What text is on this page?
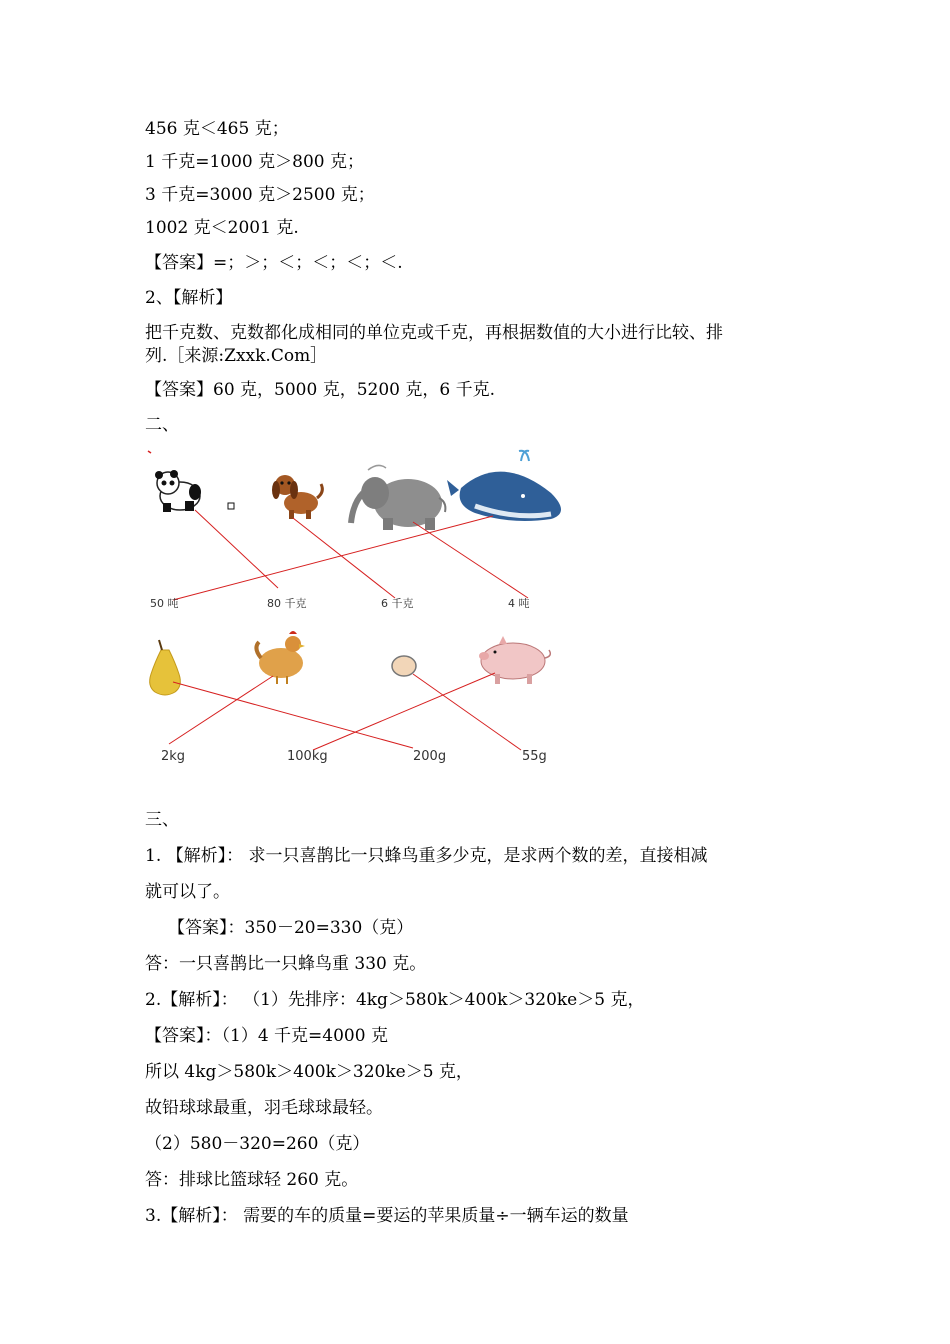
456 克＜465 克；
1 千克=1000 克＞800 克；
3 千克=3000 克＞2500 克；
1002 克＜2001 克.
【答案】=；＞；＜；＜；＜；＜.
2、【解析】
把千克数、克数都化成相同的单位克或千克，再根据数值的大小进行比较、排
列.［来源:Zxxk.Com］
【答案】60 克，5000 克，5200 克，6 千克.
二、
50 吨	80 千克	6 千克	4 吨
2kg	100kg	200g	55g
三、
1. 【解析】： 求一只喜鹊比一只蜂鸟重多少克，是求两个数的差，直接相减
就可以了。
【答案】：350－20=330（克）
答：一只喜鹊比一只蜂鸟重 330 克。
2.【解析】： （1）先排序：4kg＞580k＞400k＞320ke＞5 克，
【答案】：（1）4 千克=4000 克
所以 4kg＞580k＞400k＞320ke＞5 克，
故铅球球最重，羽毛球球最轻。
（2）580－320=260（克）
答：排球比篮球轻 260 克。
3.【解析】： 需要的车的质量=要运的苹果质量÷一辆车运的数量
